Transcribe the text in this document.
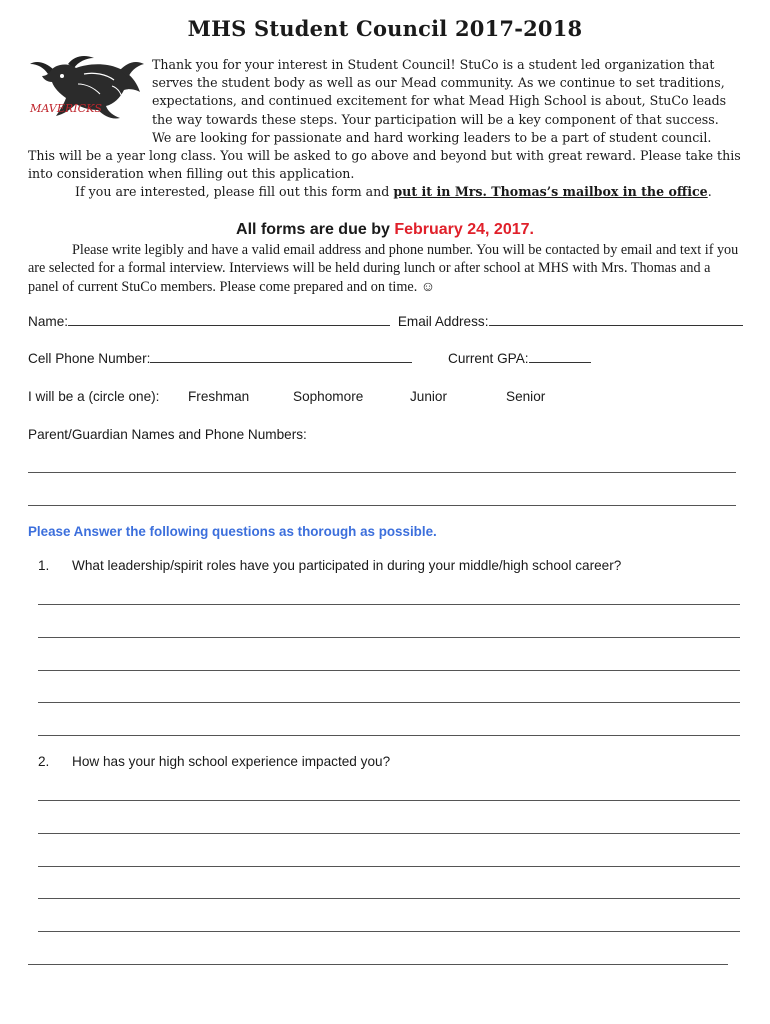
MHS Student Council 2017-2018
MAVERICKS

Thank you for your interest in Student Council! StuCo is a student led organization that serves the student body as well as our Mead community. As we continue to set traditions, expectations, and continued excitement for what Mead High School is about, StuCo leads the way towards these steps. Your participation will be a key component of that success.

We are looking for passionate and hard working leaders to be a part of student council. This will be a year long class. You will be asked to go above and beyond but with great reward. Please take this into consideration when filling out this application.

If you are interested, please fill out this form and put it in Mrs. Thomas’s mailbox in the office.

All forms are due by February 24, 2017.

Please write legibly and have a valid email address and phone number. You will be contacted by email and text if you are selected for a formal interview. Interviews will be held during lunch or after school at MHS with Mrs. Thomas and a panel of current StuCo members. Please come prepared and on time. ☺

Name:	Email Address:
Cell Phone Number:	Current GPA:
I will be a (circle one): Freshman	Sophomore	Junior	Senior
Parent/Guardian Names and Phone Numbers:
Please Answer the following questions as thorough as possible.
1. What leadership/spirit roles have you participated in during your middle/high school career?
2. How has your high school experience impacted you?
